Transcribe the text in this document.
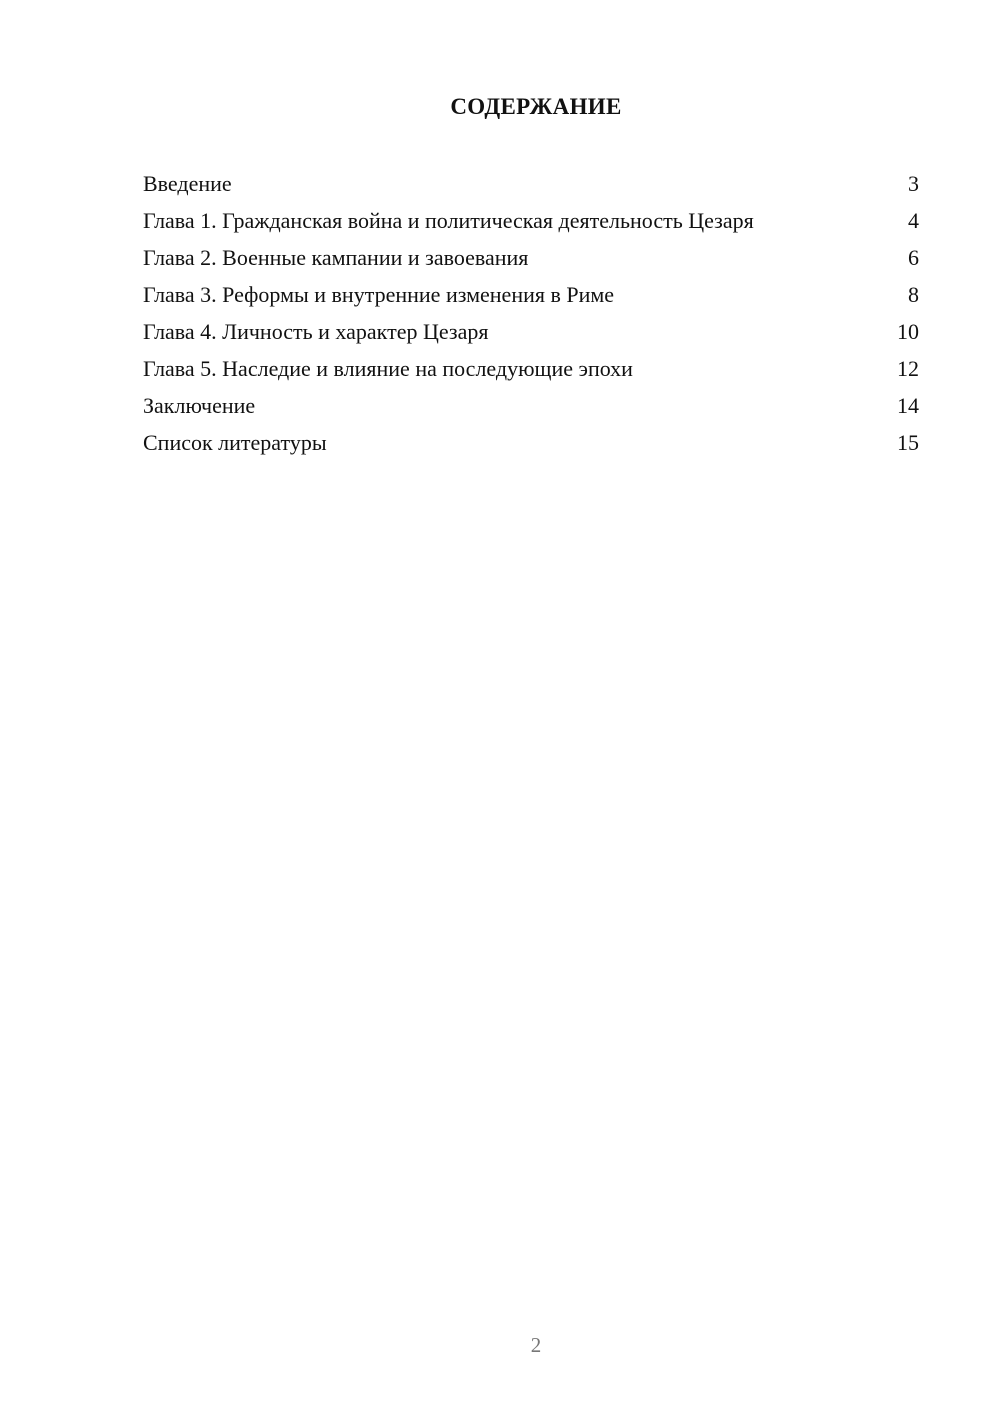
СОДЕРЖАНИЕ
Введение	3
Глава 1. Гражданская война и политическая деятельность Цезаря	4
Глава 2. Военные кампании и завоевания	6
Глава 3. Реформы и внутренние изменения в Риме	8
Глава 4. Личность и характер Цезаря	10
Глава 5. Наследие и влияние на последующие эпохи	12
Заключение	14
Список литературы	15
2
